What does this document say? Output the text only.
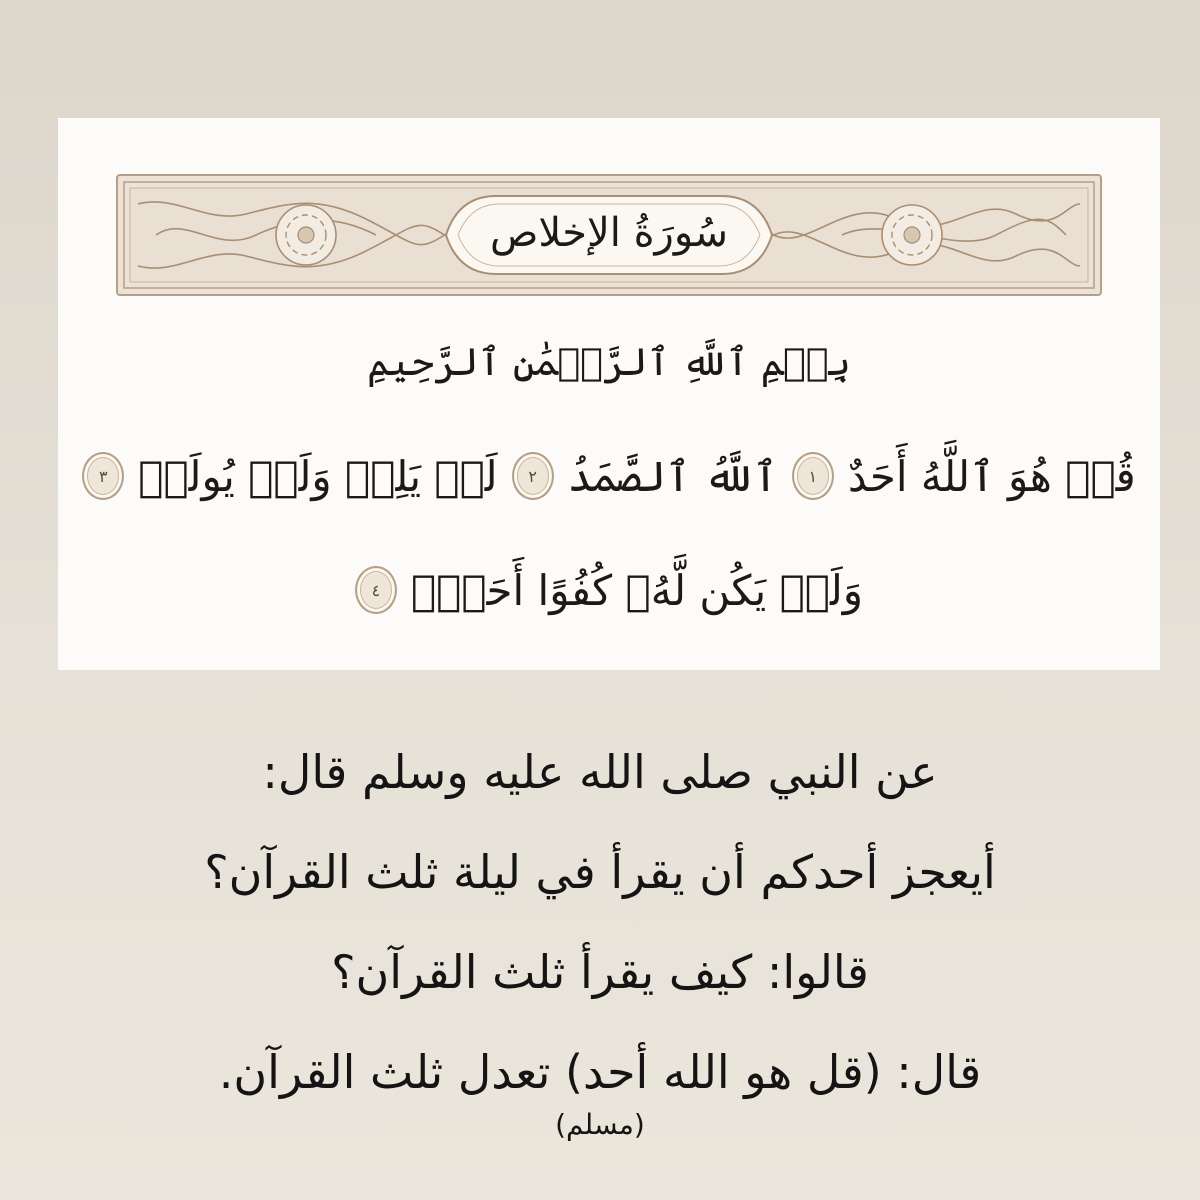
سُورَةُ الإخلاص
بِسۡمِ ٱللَّهِ ٱلرَّحۡمَٰنِ ٱلرَّحِيمِ
قُلۡ هُوَ ٱللَّهُ أَحَدٌ
١
ٱللَّهُ ٱلصَّمَدُ
٢
لَمۡ يَلِدۡ وَلَمۡ يُولَدۡ
٣
وَلَمۡ يَكُن لَّهُۥ كُفُوًا أَحَدُۢ
٤
عن النبي صلى الله عليه وسلم قال:
أيعجز أحدكم أن يقرأ في ليلة ثلث القرآن؟
قالوا: كيف يقرأ ثلث القرآن؟
قال: (قل هو الله أحد) تعدل ثلث القرآن.
(مسلم)
